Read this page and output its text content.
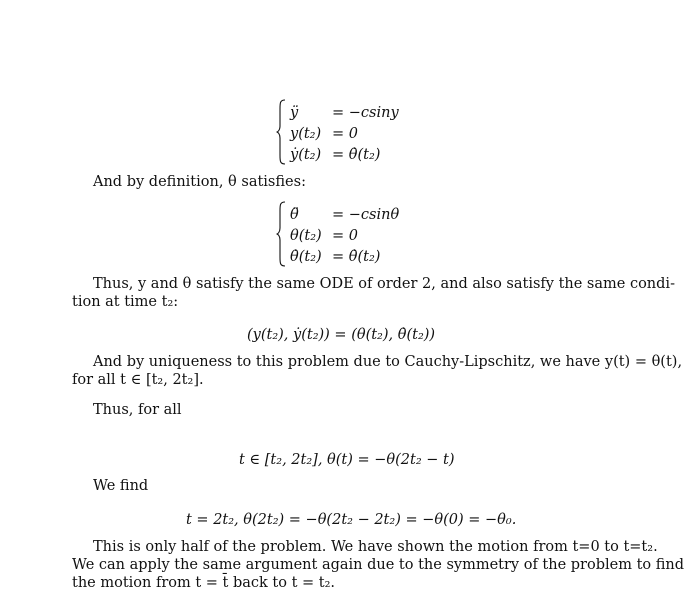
ÿ = −csiny
y(t₂) = 0
ẏ(t₂) = θ̇(t₂)
And by definition, θ satisfies:
θ̈ = −csinθ
θ(t₂) = 0
θ̇(t₂) = θ̇(t₂)
Thus, y and θ satisfy the same ODE of order 2, and also satisfy the same condi-
tion at time t₂:
(y(t₂), ẏ(t₂)) = (θ(t₂), θ̇(t₂))
And by uniqueness to this problem due to Cauchy-Lipschitz, we have y(t) = θ(t),
for all t ∈ [t₂, 2t₂].
Thus, for all
t ∈ [t₂, 2t₂], θ(t) = −θ(2t₂ − t)
We find
t = 2t₂, θ(2t₂) = −θ(2t₂ − 2t₂) = −θ(0) = −θ₀.
This is only half of the problem. We have shown the motion from t=0 to t=t₂.
We can apply the same argument again due to the symmetry of the problem to find
the motion from t = t̄ back to t = t₂.
